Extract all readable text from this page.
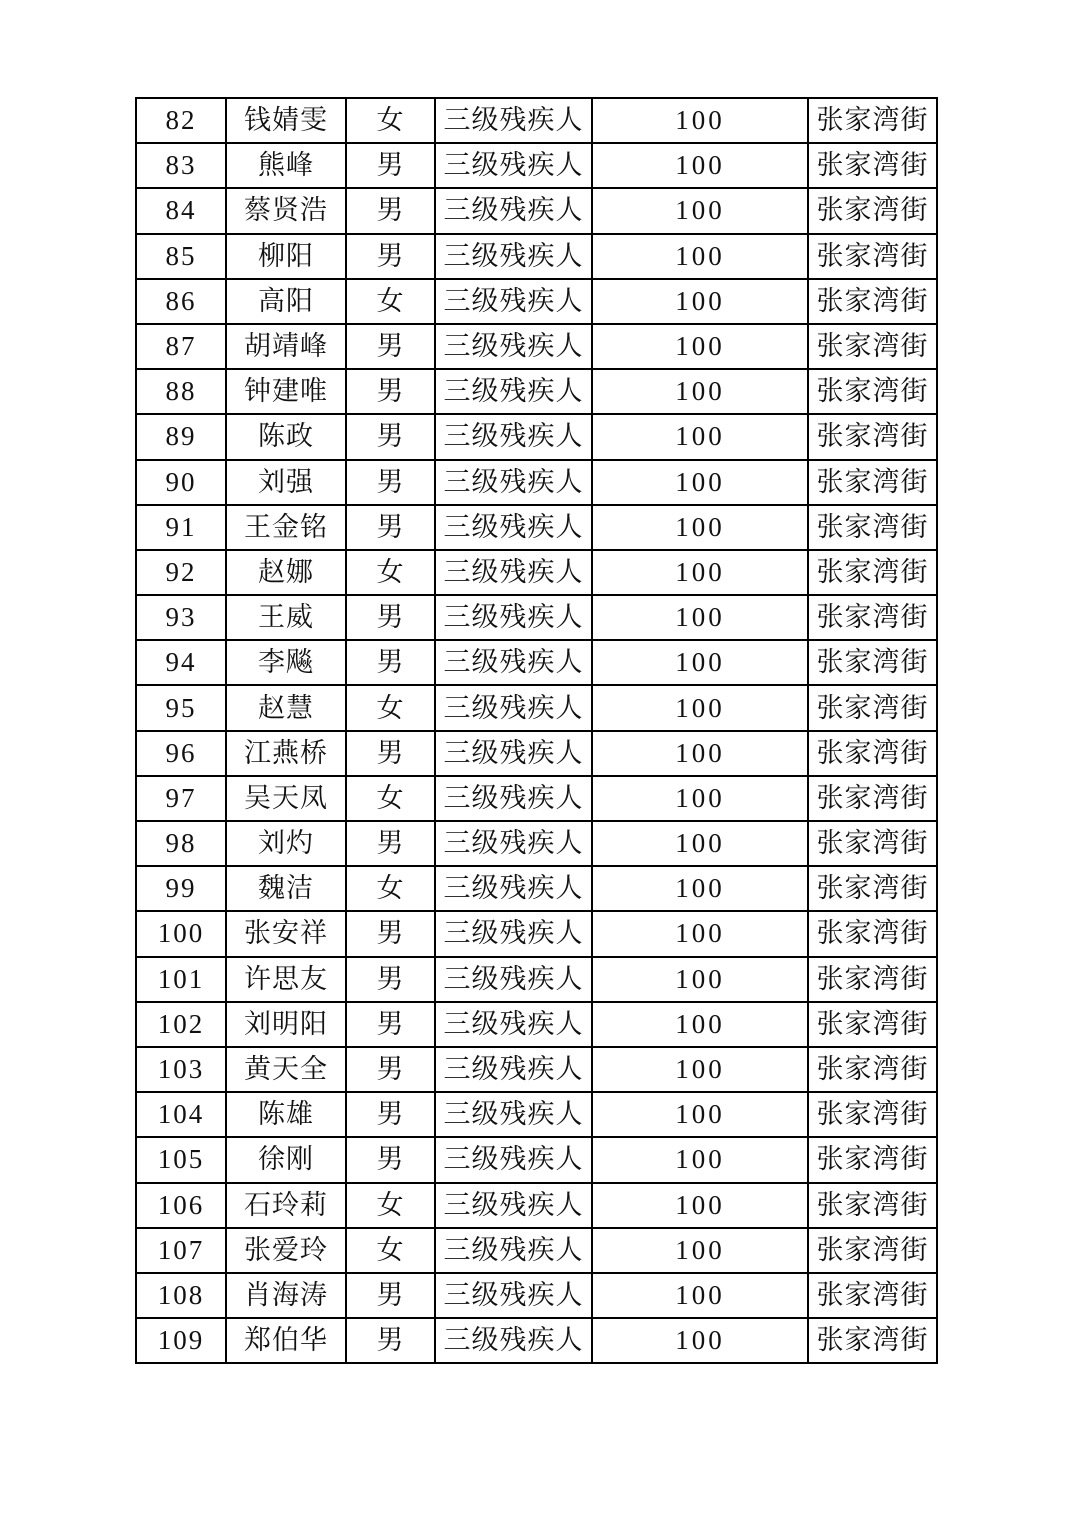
82	钱婧雯	女	三级残疾人	100	张家湾街
83	熊峰	男	三级残疾人	100	张家湾街
84	蔡贤浩	男	三级残疾人	100	张家湾街
85	柳阳	男	三级残疾人	100	张家湾街
86	高阳	女	三级残疾人	100	张家湾街
87	胡靖峰	男	三级残疾人	100	张家湾街
88	钟建唯	男	三级残疾人	100	张家湾街
89	陈政	男	三级残疾人	100	张家湾街
90	刘强	男	三级残疾人	100	张家湾街
91	王金铭	男	三级残疾人	100	张家湾街
92	赵娜	女	三级残疾人	100	张家湾街
93	王威	男	三级残疾人	100	张家湾街
94	李飚	男	三级残疾人	100	张家湾街
95	赵慧	女	三级残疾人	100	张家湾街
96	江燕桥	男	三级残疾人	100	张家湾街
97	吴天凤	女	三级残疾人	100	张家湾街
98	刘灼	男	三级残疾人	100	张家湾街
99	魏洁	女	三级残疾人	100	张家湾街
100	张安祥	男	三级残疾人	100	张家湾街
101	许思友	男	三级残疾人	100	张家湾街
102	刘明阳	男	三级残疾人	100	张家湾街
103	黄天全	男	三级残疾人	100	张家湾街
104	陈雄	男	三级残疾人	100	张家湾街
105	徐刚	男	三级残疾人	100	张家湾街
106	石玲莉	女	三级残疾人	100	张家湾街
107	张爱玲	女	三级残疾人	100	张家湾街
108	肖海涛	男	三级残疾人	100	张家湾街
109	郑伯华	男	三级残疾人	100	张家湾街
